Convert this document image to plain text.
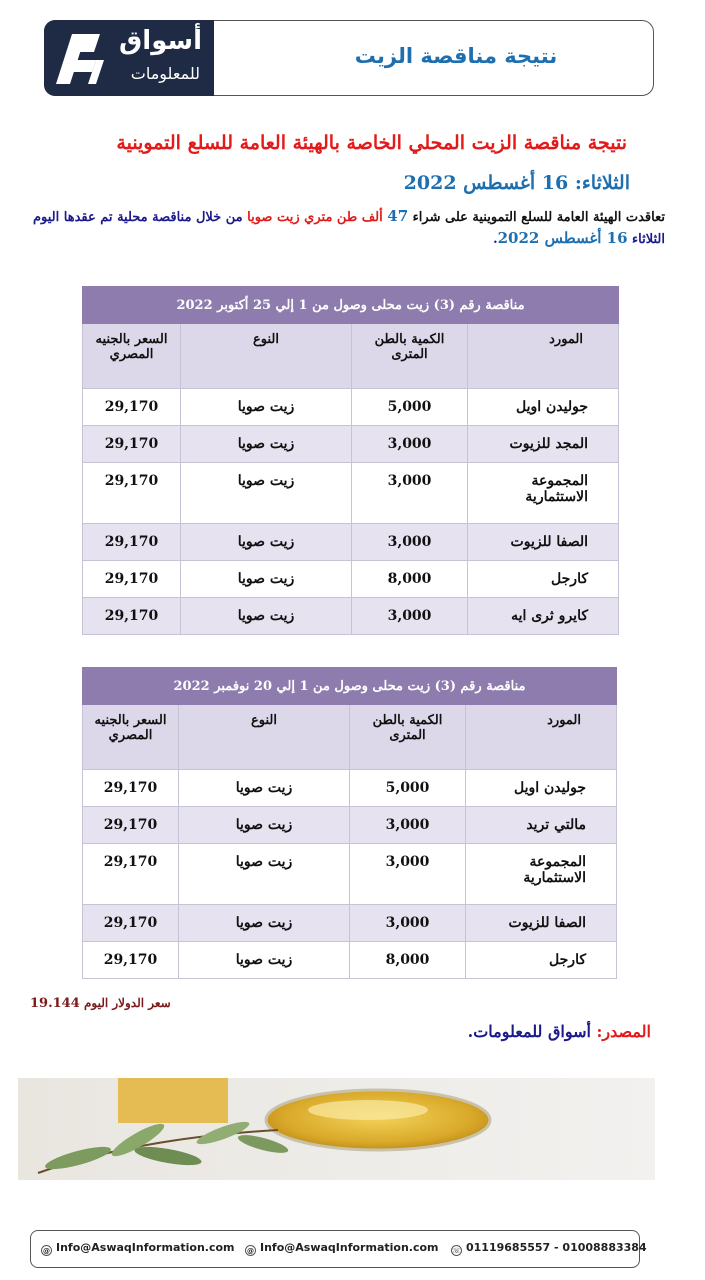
أسواق
للمعلومات
نتيجة مناقصة الزيت
نتيجة مناقصة الزيت المحلي الخاصة بالهيئة العامة للسلع التموينية
الثلاثاء: 16 أغسطس 2022
تعاقدت الهيئة العامة للسلع التموينية على شراء 47 ألف طن متري زيت صويا من خلال مناقصة محلية تم عقدها اليوم الثلاثاء 16 أغسطس 2022.
مناقصة رقم (3) زيت محلى وصول من 1 إلي 25 أكتوبر 2022			
المورد	الكمية بالطن المترى	النوع	السعر بالجنيه المصري
جوليدن اويل	5,000	زيت صويا	29,170
المجد للزيوت	3,000	زيت صويا	29,170
المجموعة الاستثمارية	3,000	زيت صويا	29,170
الصفا للزيوت	3,000	زيت صويا	29,170
كارجل	8,000	زيت صويا	29,170
كايرو ثرى ايه	3,000	زيت صويا	29,170
مناقصة رقم (3) زيت محلى وصول من 1 إلي 20 نوفمبر 2022			
المورد	الكمية بالطن المترى	النوع	السعر بالجنيه المصري
جوليدن اويل	5,000	زيت صويا	29,170
مالتي تريد	3,000	زيت صويا	29,170
المجموعة الاستثمارية	3,000	زيت صويا	29,170
الصفا للزيوت	3,000	زيت صويا	29,170
كارجل	8,000	زيت صويا	29,170
سعر الدولار اليوم 19.144
المصدر: أسواق للمعلومات.
@ Info@AswaqInformation.com @ Info@AswaqInformation.com ☏ 01119685557 - 01008883384
